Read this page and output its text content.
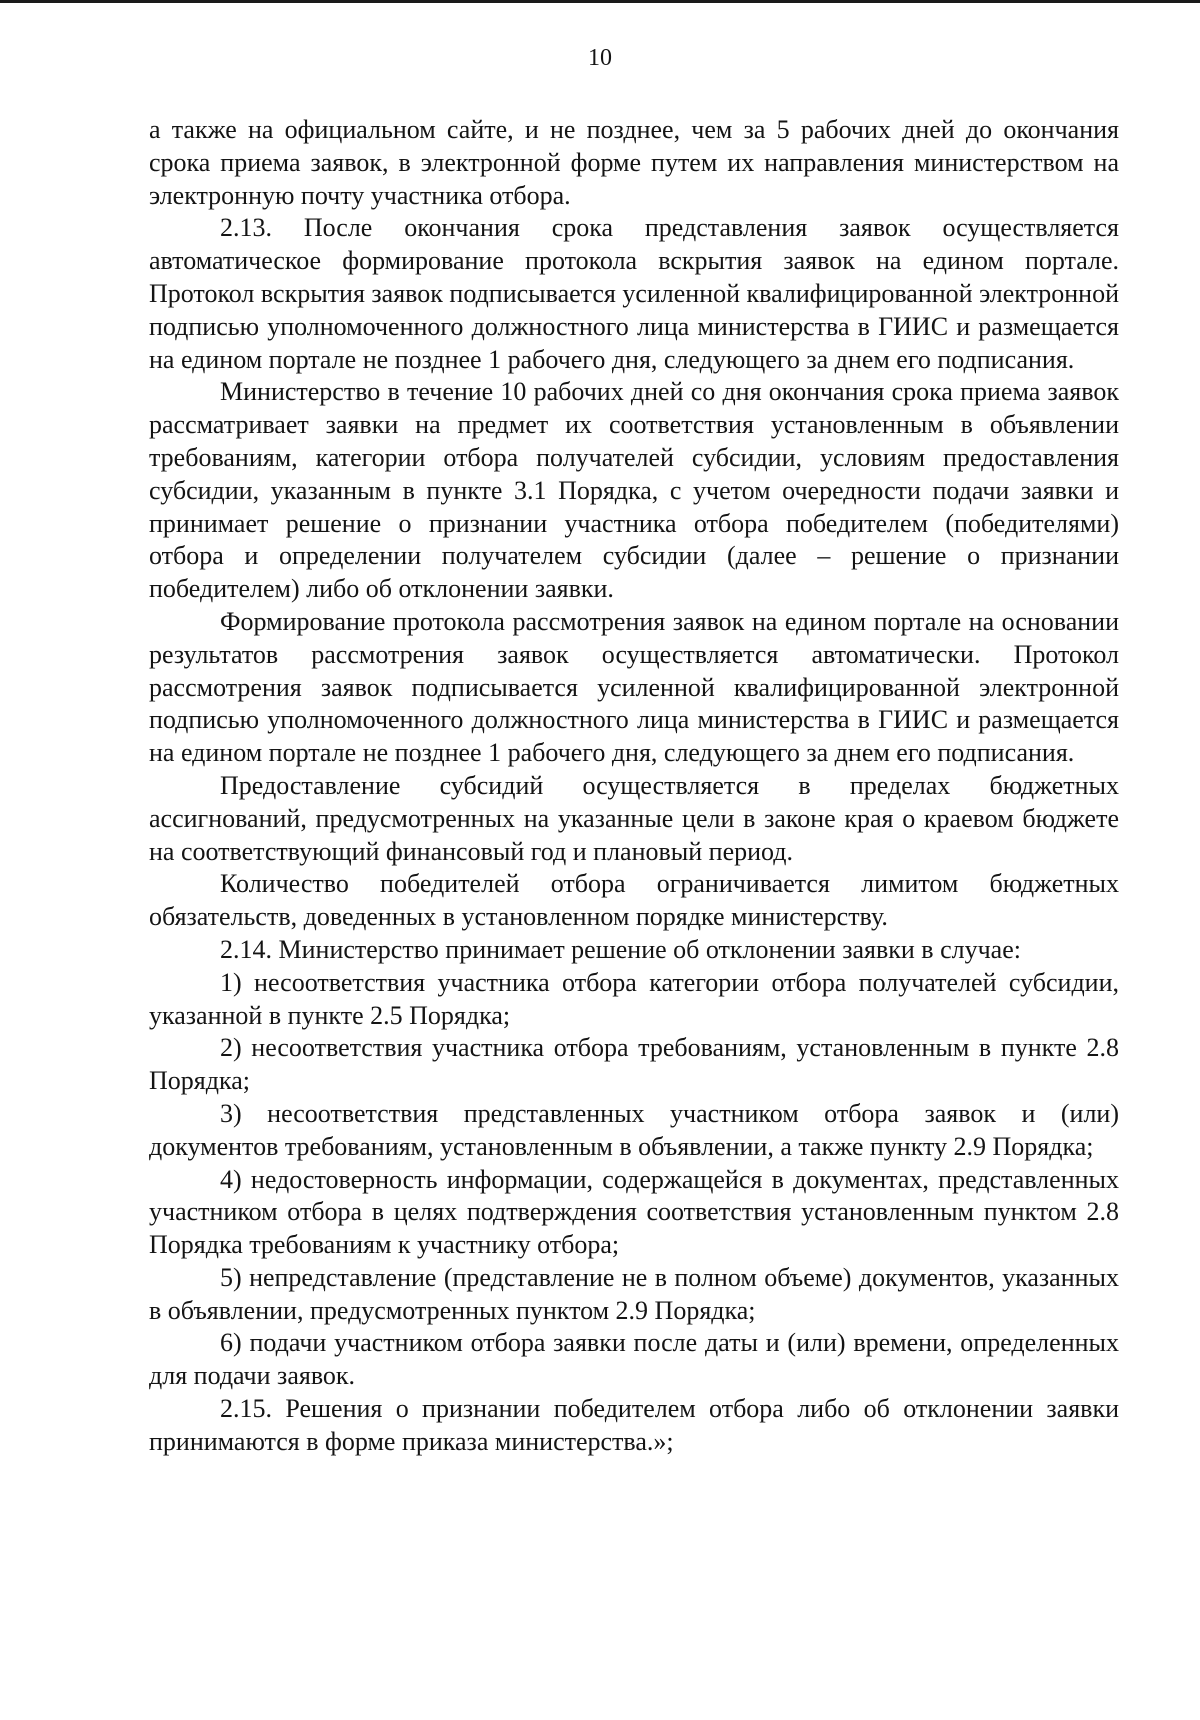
10

а также на официальном сайте, и не позднее, чем за 5 рабочих дней до окончания срока приема заявок, в электронной форме путем их направления министерством на электронную почту участника отбора.

2.13. После окончания срока представления заявок осуществляется автоматическое формирование протокола вскрытия заявок на едином портале. Протокол вскрытия заявок подписывается усиленной квалифицированной электронной подписью уполномоченного должностного лица министерства в ГИИС и размещается на едином портале не позднее 1 рабочего дня, следующего за днем его подписания.

Министерство в течение 10 рабочих дней со дня окончания срока приема заявок рассматривает заявки на предмет их соответствия установленным в объявлении требованиям, категории отбора получателей субсидии, условиям предоставления субсидии, указанным в пункте 3.1 Порядка, с учетом очередности подачи заявки и принимает решение о признании участника отбора победителем (победителями) отбора и определении получателем субсидии (далее – решение о признании победителем) либо об отклонении заявки.

Формирование протокола рассмотрения заявок на едином портале на основании результатов рассмотрения заявок осуществляется автоматически. Протокол рассмотрения заявок подписывается усиленной квалифицированной электронной подписью уполномоченного должностного лица министерства в ГИИС и размещается на едином портале не позднее 1 рабочего дня, следующего за днем его подписания.

Предоставление субсидий осуществляется в пределах бюджетных ассигнований, предусмотренных на указанные цели в законе края о краевом бюджете на соответствующий финансовый год и плановый период.

Количество победителей отбора ограничивается лимитом бюджетных обязательств, доведенных в установленном порядке министерству.

2.14. Министерство принимает решение об отклонении заявки в случае:

1) несоответствия участника отбора категории отбора получателей субсидии, указанной в пункте 2.5 Порядка;

2) несоответствия участника отбора требованиям, установленным в пункте 2.8 Порядка;

3) несоответствия представленных участником отбора заявок и (или) документов требованиям, установленным в объявлении, а также пункту 2.9 Порядка;

4) недостоверность информации, содержащейся в документах, представленных участником отбора в целях подтверждения соответствия установленным пунктом 2.8 Порядка требованиям к участнику отбора;

5) непредставление (представление не в полном объеме) документов, указанных в объявлении, предусмотренных пунктом 2.9 Порядка;

6) подачи участником отбора заявки после даты и (или) времени, определенных для подачи заявок.

2.15. Решения о признании победителем отбора либо об отклонении заявки принимаются в форме приказа министерства.»;
